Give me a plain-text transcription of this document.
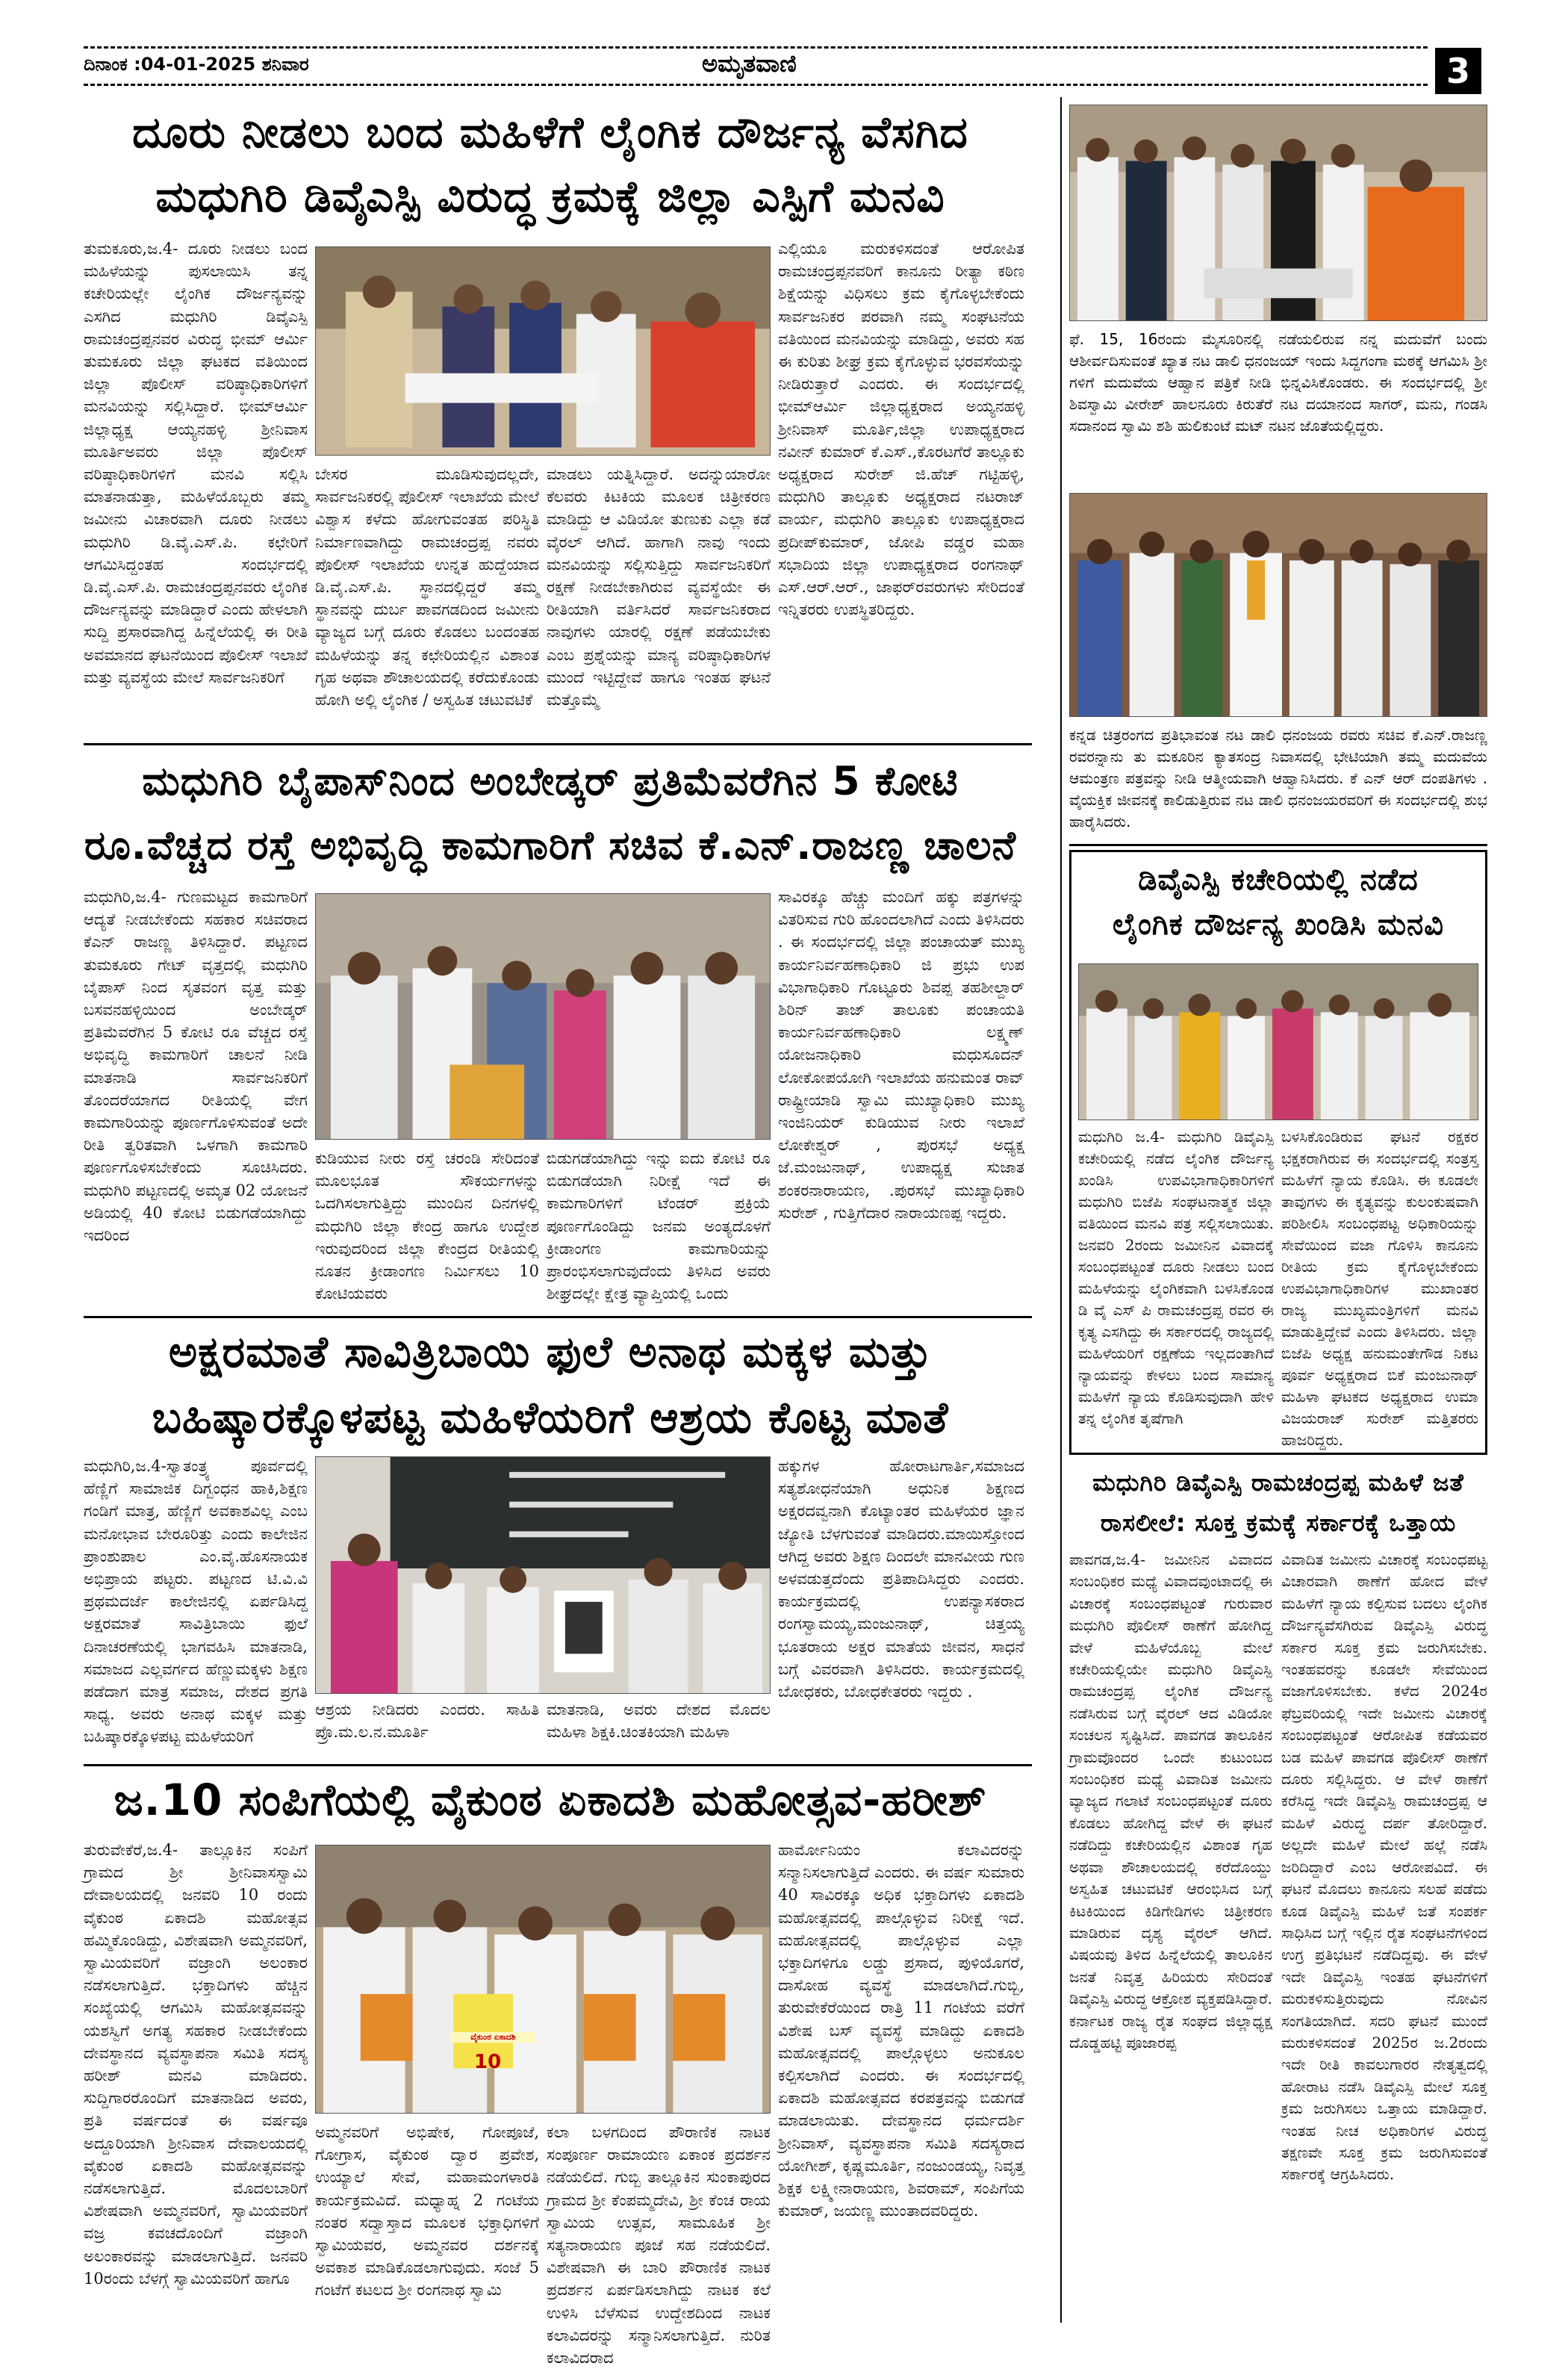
ದಿನಾಂಕ :04-01-2025 ಶನಿವಾರ	ಅಮೃತವಾಣಿ	3
ದೂರು ನೀಡಲು ಬಂದ ಮಹಿಳೆಗೆ ಲೈಂಗಿಕ ದೌರ್ಜನ್ಯ ವೆಸಗಿದ
ಮಧುಗಿರಿ ಡಿವೈಎಸ್ಪಿ ವಿರುದ್ಧ ಕ್ರಮಕ್ಕೆ ಜಿಲ್ಲಾ ಎಸ್ಪಿಗೆ ಮನವಿ
ತುಮಕೂರು,ಜ.4- ದೂರು ನೀಡಲು ಬಂದ ಮಹಿಳೆಯನ್ನು ಪುಸಲಾಯಿಸಿ ತನ್ನ ಕಚೇರಿಯಲ್ಲೇ ಲೈಂಗಿಕ ದೌರ್ಜನ್ಯವನ್ನು ಎಸಗಿದ ಮಧುಗಿರಿ ಡಿವೈಎಸ್ಪಿ ರಾಮಚಂದ್ರಪ್ಪನವರ ವಿರುದ್ಧ ಭೀಮ್ ಆರ್ಮಿ ತುಮಕೂರು ಜಿಲ್ಲಾ ಘಟಕದ ವತಿಯಿಂದ ಜಿಲ್ಲಾ ಪೊಲೀಸ್ ವರಿಷ್ಠಾಧಿಕಾರಿಗಳಿಗೆ ಮನವಿಯನ್ನು ಸಲ್ಲಿಸಿದ್ದಾರೆ. ಭೀಮ್‌ಆರ್ಮಿ ಜಿಲ್ಲಾಧ್ಯಕ್ಷ ಆಯ್ಯನಹಳ್ಳಿ ಶ್ರೀನಿವಾಸ ಮೂರ್ತಿಅವರು ಜಿಲ್ಲಾ ಪೊಲೀಸ್ ವರಿಷ್ಠಾಧಿಕಾರಿಗಳಿಗೆ ಮನವಿ ಸಲ್ಲಿಸಿ ಮಾತನಾಡುತ್ತಾ, ಮಹಿಳೆಯೊಬ್ಬರು ತಮ್ಮ ಜಮೀನು ವಿಚಾರವಾಗಿ ದೂರು ನೀಡಲು ಮಧುಗಿರಿ ಡಿ.ವೈ.ಎಸ್.ಪಿ. ಕಛೇರಿಗೆ ಆಗಮಿಸಿದ್ದಂತಹ ಸಂದರ್ಭದಲ್ಲಿ ಡಿ.ವೈ.ಎಸ್.ಪಿ. ರಾಮಚಂದ್ರಪ್ಪನವರು ಲೈಂಗಿಕ ದೌರ್ಜನ್ಯವನ್ನು ಮಾಡಿದ್ದಾರೆ ಎಂದು ಹೇಳಲಾಗಿ ಸುದ್ದಿ ಪ್ರಸಾರವಾಗಿದ್ದ ಹಿನ್ನೆಲೆಯಲ್ಲಿ ಈ ರೀತಿ ಅವಮಾನದ ಘಟನೆಯಿಂದ ಪೊಲೀಸ್ ಇಲಾಖೆ ಮತ್ತು ವ್ಯವಸ್ಥೆಯ ಮೇಲೆ ಸಾರ್ವಜನಿಕರಿಗೆ
ಬೇಸರ ಮೂಡಿಸುವುದಲ್ಲದೇ, ಸಾರ್ವಜನಿಕರಲ್ಲಿ ಪೊಲೀಸ್ ಇಲಾಖೆಯ ಮೇಲೆ ವಿಶ್ವಾಸ ಕಳೆದು ಹೋಗುವಂತಹ ಪರಿಸ್ಥಿತಿ ನಿರ್ಮಾಣವಾಗಿದ್ದು ರಾಮಚಂದ್ರಪ್ಪ ನವರು ಪೊಲೀಸ್ ಇಲಾಖೆಯ ಉನ್ನತ ಹುದ್ದೆಯಾದ ಡಿ.ವೈ.ಎಸ್.ಪಿ. ಸ್ಥಾನದಲ್ಲಿದ್ದರೆ ತಮ್ಮ ಸ್ಥಾನವನ್ನು ದುರ್ಬ ಪಾವಗಡದಿಂದ ಜಮೀನು ವ್ಯಾಜ್ಯದ ಬಗ್ಗೆ ದೂರು ಕೊಡಲು ಬಂದಂತಹ ಮಹಿಳೆಯನ್ನು ತನ್ನ ಕಛೇರಿಯಲ್ಲಿನ ವಿಶಾಂತ ಗೃಹ ಅಥವಾ ಶೌಚಾಲಯದಲ್ಲಿ ಕರೆದುಕೊಂಡು ಹೋಗಿ ಅಲ್ಲಿ ಲೈಂಗಿಕ / ಅಸ್ವಹಿತ ಚಟುವಟಿಕೆ
ಮಾಡಲು ಯತ್ನಿಸಿದ್ದಾರೆ. ಅದನ್ನುಯಾರೋ ಕೆಲವರು ಕಿಟಕಿಯ ಮೂಲಕ ಚಿತ್ರೀಕರಣ ಮಾಡಿದ್ದು ಆ ವಿಡಿಯೋ ತುಣುಕು ಎಲ್ಲಾ ಕಡೆ ವೈರಲ್ ಆಗಿದೆ. ಹಾಗಾಗಿ ನಾವು ಇಂದು ಮನವಿಯನ್ನು ಸಲ್ಲಿಸುತ್ತಿದ್ದು ಸಾರ್ವಜನಿಕರಿಗೆ ರಕ್ಷಣೆ ನೀಡಬೇಕಾಗಿರುವ ವ್ಯವಸ್ಥೆಯೇ ಈ ರೀತಿಯಾಗಿ ವರ್ತಿಸಿದರೆ ಸಾರ್ವಜನಿಕರಾದ ನಾವುಗಳು ಯಾರಲ್ಲಿ ರಕ್ಷಣೆ ಪಡೆಯಬೇಕು ಎಂಬ ಪ್ರಶ್ನೆಯನ್ನು ಮಾನ್ಯ ವರಿಷ್ಠಾಧಿಕಾರಿಗಳ ಮುಂದೆ ಇಟ್ಟಿದ್ದೇವೆ ಹಾಗೂ ಇಂತಹ ಘಟನೆ ಮತ್ತೊಮ್ಮೆ
ಎಲ್ಲಿಯೂ ಮರುಕಳಿಸದಂತೆ ಆರೋಪಿತ ರಾಮಚಂದ್ರಪ್ಪನವರಿಗೆ ಕಾನೂನು ರೀತ್ಯಾ ಕಠಿಣ ಶಿಕ್ಷೆಯನ್ನು ವಿಧಿಸಲು ಕ್ರಮ ಕೈಗೊಳ್ಳಬೇಕೆಂದು ಸಾರ್ವಜನಿಕರ ಪರವಾಗಿ ನಮ್ಮ ಸಂಘಟನೆಯ ವತಿಯಿಂದ ಮನವಿಯನ್ನು ಮಾಡಿದ್ದು, ಅವರು ಸಹ ಈ ಕುರಿತು ಶೀಘ್ರ ಕ್ರಮ ಕೈಗೊಳ್ಳುವ ಭರವಸೆಯನ್ನು ನೀಡಿರುತ್ತಾರೆ ಎಂದರು. ಈ ಸಂದರ್ಭದಲ್ಲಿ ಭೀಮ್‌ಆರ್ಮಿ ಜಿಲ್ಲಾಧ್ಯಕ್ಷರಾದ ಅಯ್ಯನಹಳ್ಳಿ ಶ್ರೀನಿವಾಸ್ ಮೂರ್ತಿ,ಜಿಲ್ಲಾ ಉಪಾಧ್ಯಕ್ಷರಾದ ನವೀನ್ ಕುಮಾರ್ ಕೆ.ಎಸ್.,ಕೊರಟಗೆರೆ ತಾಲ್ಲೂಕು ಅಧ್ಯಕ್ಷರಾದ ಸುರೇಶ್ ಜಿ.ಹೆಚ್ ಗಟ್ಟಿಹಳ್ಳಿ, ಮಧುಗಿರಿ ತಾಲ್ಲೂಕು ಅಧ್ಯಕ್ಷರಾದ ನಟರಾಜ್ ವಾರ್ಯ, ಮಧುಗಿರಿ ತಾಲ್ಲೂಕು ಉಪಾಧ್ಯಕ್ಷರಾದ ಪ್ರದೀಪ್‌ಕುಮಾರ್, ಜೋಪಿ ವಡ್ಡರ ಮಹಾ ಸಭಾದಿಯ ಜಿಲ್ಲಾ ಉಪಾಧ್ಯಕ್ಷರಾದ ರಂಗನಾಥ್ ಎಸ್.ಆರ್.ಆರ್., ಜಾಫರ್‌ರವರುಗಳು ಸೇರಿದಂತೆ ಇನ್ನಿತರರು ಉಪಸ್ಥಿತರಿದ್ದರು.
ಮಧುಗಿರಿ ಬೈಪಾಸ್‌ನಿಂದ ಅಂಬೇಡ್ಕರ್ ಪ್ರತಿಮೆವರೆಗಿನ 5 ಕೋಟಿ
ರೂ.ವೆಚ್ಚದ ರಸ್ತೆ ಅಭಿವೃದ್ಧಿ ಕಾಮಗಾರಿಗೆ ಸಚಿವ ಕೆ.ಎನ್.ರಾಜಣ್ಣ ಚಾಲನೆ
ಮಧುಗಿರಿ,ಜ.4- ಗುಣಮಟ್ಟದ ಕಾಮಗಾರಿಗೆ ಆದ್ಯತೆ ನೀಡಬೇಕೆಂದು ಸಹಕಾರ ಸಚಿವರಾದ ಕೆಎನ್ ರಾಜಣ್ಣ ತಿಳಿಸಿದ್ದಾರೆ. ಪಟ್ಟಣದ ತುಮಕೂರು ಗೇಟ್ ವೃತ್ತದಲ್ಲಿ ಮಧುಗಿರಿ ಬೈಪಾಸ್ ನಿಂದ ಸೃತವಂಗ ವೃತ್ತ ಮತ್ತು ಬಸವನಹಳ್ಳಿಯಿಂದ ಅಂಬೇಡ್ಕರ್ ಪ್ರತಿಮೆವರೆಗಿನ 5 ಕೋಟಿ ರೂ ವೆಚ್ಚದ ರಸ್ತೆ ಅಭಿವೃದ್ಧಿ ಕಾಮಗಾರಿಗೆ ಚಾಲನೆ ನೀಡಿ ಮಾತನಾಡಿ ಸಾರ್ವಜನಿಕರಿಗೆ ತೊಂದರೆಯಾಗದ ರೀತಿಯಲ್ಲಿ ವೇಗ ಕಾಮಗಾರಿಯನ್ನು ಪೂರ್ಣಗೊಳಿಸುವಂತೆ ಅದೇ ರೀತಿ ತ್ವರಿತವಾಗಿ ಒಳಗಾಗಿ ಕಾಮಗಾರಿ ಪೂರ್ಣಗೊಳಿಸಬೇಕೆಂದು ಸೂಚಿಸಿದರು. ಮಧುಗಿರಿ ಪಟ್ಟಣದಲ್ಲಿ ಅಮೃತ 02 ಯೋಜನೆ ಅಡಿಯಲ್ಲಿ 40 ಕೋಟಿ ಬಿಡುಗಡೆಯಾಗಿದ್ದು ಇದರಿಂದ
ಕುಡಿಯುವ ನೀರು ರಸ್ತೆ ಚರಂಡಿ ಸೇರಿದಂತೆ ಮೂಲಭೂತ ಸೌಕರ್ಯಗಳನ್ನು ಒದಗಿಸಲಾಗುತ್ತಿದ್ದು ಮುಂದಿನ ದಿನಗಳಲ್ಲಿ ಮಧುಗಿರಿ ಜಿಲ್ಲಾ ಕೇಂದ್ರ ಹಾಗೂ ಉದ್ದೇಶ ಇರುವುದರಿಂದ ಜಿಲ್ಲಾ ಕೇಂದ್ರದ ರೀತಿಯಲ್ಲಿ ನೂತನ ಕ್ರೀಡಾಂಗಣ ನಿರ್ಮಿಸಲು 10 ಕೋಟಿಯವರು
ಬಿಡುಗಡೆಯಾಗಿದ್ದು ಇನ್ನು ಐದು ಕೋಟಿ ರೂ ಬಿಡುಗಡೆಯಾಗಿ ನಿರೀಕ್ಷೆ ಇದೆ ಈ ಕಾಮಗಾರಿಗಳಿಗೆ ಟೆಂಡರ್ ಪ್ರಕ್ರಿಯೆ ಪೂರ್ಣಗೊಂಡಿದ್ದು ಜನಮ ಅಂತ್ಯದೊಳಗೆ ಕ್ರೀಡಾಂಗಣ ಕಾಮಗಾರಿಯನ್ನು ಪ್ರಾರಂಭಿಸಲಾಗುವುದೆಂದು ತಿಳಿಸಿದ ಅವರು ಶೀಘ್ರದಲ್ಲೇ ಕ್ಷೇತ್ರ ವ್ಯಾಪ್ತಿಯಲ್ಲಿ ಒಂದು
ಸಾವಿರಕ್ಕೂ ಹೆಚ್ಚು ಮಂದಿಗೆ ಹಕ್ಕು ಪತ್ರಗಳನ್ನು ವಿತರಿಸುವ ಗುರಿ ಹೊಂದಲಾಗಿದೆ ಎಂದು ತಿಳಿಸಿದರು . ಈ ಸಂದರ್ಭದಲ್ಲಿ ಜಿಲ್ಲಾ ಪಂಚಾಯತ್ ಮುಖ್ಯ ಕಾರ್ಯನಿರ್ವಹಣಾಧಿಕಾರಿ ಜಿ ಪ್ರಭು ಉಪ ವಿಭಾಗಾಧಿಕಾರಿ ಗೊಟ್ಟೂರು ಶಿವಪ್ಪ ತಹಶೀಲ್ದಾರ್ ಶಿರಿನ್ ತಾಜ್ ತಾಲೂಕು ಪಂಚಾಯತಿ ಕಾರ್ಯನಿರ್ವಹಣಾಧಿಕಾರಿ ಲಕ್ಷ್ಮಣ್ ಯೋಜನಾಧಿಕಾರಿ ಮಧುಸೂದನ್ ಲೋಕೋಪಯೋಗಿ ಇಲಾಖೆಯ ಹನುಮಂತ ರಾವ್ ರಾಷ್ಟ್ರೀಯಾಡಿ ಸ್ವಾಮಿ ಮುಖ್ಯಾಧಿಕಾರಿ ಮುಖ್ಯ ಇಂಜಿನಿಯರ್ ಕುಡಿಯುವ ನೀರು ಇಲಾಖೆ ಲೋಕೇಶ್ವರ್ , ಪುರಸಭೆ ಅಧ್ಯಕ್ಷ ಜೆ.ಮಂಜುನಾಥ್, ಉಪಾಧ್ಯಕ್ಷ ಸುಜಾತ ಶಂಕರನಾರಾಯಣ, .ಪುರಸಭೆ ಮುಖ್ಯಾಧಿಕಾರಿ ಸುರೇಶ್ , ಗುತ್ತಿಗೆದಾರ ನಾರಾಯಣಪ್ಪ ಇದ್ದರು.
ಅಕ್ಷರಮಾತೆ ಸಾವಿತ್ರಿಬಾಯಿ ಫುಲೆ ಅನಾಥ ಮಕ್ಕಳ ಮತ್ತು
ಬಹಿಷ್ಕಾರಕ್ಕೊಳಪಟ್ಟ ಮಹಿಳೆಯರಿಗೆ ಆಶ್ರಯ ಕೊಟ್ಟ ಮಾತೆ
ಮಧುಗಿರಿ,ಜ.4-ಸ್ವಾತಂತ್ರ್ಯ ಪೂರ್ವದಲ್ಲಿ ಹೆಣ್ಣಿಗೆ ಸಾಮಾಜಿಕ ದಿಗ್ಬಂಧನ ಹಾಕಿ,ಶಿಕ್ಷಣ ಗಂಡಿಗೆ ಮಾತ್ರ, ಹೆಣ್ಣಿಗೆ ಅವಕಾಶವಿಲ್ಲ ಎಂಬ ಮನೋಭಾವ ಬೇರೂರಿತ್ತು ಎಂದು ಕಾಲೇಜಿನ ಪ್ರಾಂಶುಪಾಲ ಎಂ.ವೈ.ಹೊಸನಾಯಕ ಅಭಿಪ್ರಾಯ ಪಟ್ಟರು. ಪಟ್ಟಣದ ಟಿ.ವಿ.ವಿ ಪ್ರಥಮದರ್ಜೆ ಕಾಲೇಜಿನಲ್ಲಿ ಏರ್ಪಡಿಸಿದ್ದ ಅಕ್ಷರಮಾತೆ ಸಾವಿತ್ರಿಬಾಯಿ ಫುಲೆ ದಿನಾಚರಣೆಯಲ್ಲಿ ಭಾಗವಹಿಸಿ ಮಾತನಾಡಿ, ಸಮಾಜದ ಎಲ್ಲವರ್ಗದ ಹೆಣ್ಣುಮಕ್ಕಳು ಶಿಕ್ಷಣ ಪಡೆದಾಗ ಮಾತ್ರ ಸಮಾಜ, ದೇಶದ ಪ್ರಗತಿ ಸಾಧ್ಯ. ಅವರು ಅನಾಥ ಮಕ್ಕಳ ಮತ್ತು ಬಹಿಷ್ಕಾರಕ್ಕೊಳಪಟ್ಟ ಮಹಿಳೆಯರಿಗೆ
ಆಶ್ರಯ ನೀಡಿದರು ಎಂದರು. ಸಾಹಿತಿ ಪ್ರೊ.ಮ.ಲ.ನ.ಮೂರ್ತಿ
ಮಾತನಾಡಿ, ಅವರು ದೇಶದ ಮೊದಲ ಮಹಿಳಾ ಶಿಕ್ಷಕಿ.ಚಿಂತಕಿಯಾಗಿ ಮಹಿಳಾ
ಹಕ್ಕುಗಳ ಹೋರಾಟಗಾರ್ತಿ,ಸಮಾಜದ ಸತ್ಯಶೋಧನೆಯಾಗಿ ಅಧುನಿಕ ಶಿಕ್ಷಣದ ಅಕ್ಷರದವ್ವನಾಗಿ ಕೊಟ್ಯಾಂತರ ಮಹಿಳೆಯರ ಜ್ಞಾನ ಜ್ಯೋತಿ ಬೆಳಗುವಂತೆ ಮಾಡಿದರು.ಮಾಯಿಸ್ತೋಂದ ಆಗಿದ್ದ ಅವರು ಶಿಕ್ಷಣ ದಿಂದಲೇ ಮಾನವೀಯ ಗುಣ ಅಳವಡುತ್ತದೆಂದು ಪ್ರತಿಪಾದಿಸಿದ್ದರು ಎಂದರು. ಕಾರ್ಯಕ್ರಮದಲ್ಲಿ ಉಪನ್ಯಾಸಕರಾದ ರಂಗಸ್ವಾಮಯ್ಯ,ಮಂಜುನಾಥ್, ಚಿತ್ತಯ್ಯ ಭೂತರಾಯ ಅಕ್ಷರ ಮಾತೆಯ ಜೀವನ, ಸಾಧನೆ ಬಗ್ಗೆ ವಿವರವಾಗಿ ತಿಳಿಸಿದರು. ಕಾರ್ಯಕ್ರಮದಲ್ಲಿ ಬೋಧಕರು, ಬೋಧಕೇತರರು ಇದ್ದರು .
ಜ.10 ಸಂಪಿಗೆಯಲ್ಲಿ ವೈಕುಂಠ ಏಕಾದಶಿ ಮಹೋತ್ಸವ-ಹರೀಶ್
ತುರುವೇಕೆರೆ,ಜ.4- ತಾಲ್ಲೂಕಿನ ಸಂಪಿಗೆ ಗ್ರಾಮದ ಶ್ರೀ ಶ್ರೀನಿವಾಸಸ್ವಾಮಿ ದೇವಾಲಯದಲ್ಲಿ ಜನವರಿ 10 ರಂದು ವೈಕುಂಠ ಏಕಾದಶಿ ಮಹೋತ್ಸವ ಹಮ್ಮಿಕೊಂಡಿದ್ದು, ವಿಶೇಷವಾಗಿ ಅಮ್ಮನವರಿಗೆ, ಸ್ವಾಮಿಯವರಿಗೆ ವಜ್ರಾಂಗಿ ಅಲಂಕಾರ ನಡೆಸಲಾಗುತ್ತಿದೆ. ಭಕ್ತಾದಿಗಳು ಹೆಚ್ಚಿನ ಸಂಖ್ಯೆಯಲ್ಲಿ ಆಗಮಿಸಿ ಮಹೋತ್ಸವವನ್ನು ಯಶಸ್ವಿಗೆ ಅಗತ್ಯ ಸಹಕಾರ ನೀಡಬೇಕೆಂದು ದೇವಸ್ಥಾನದ ವ್ಯವಸ್ಥಾಪನಾ ಸಮಿತಿ ಸದಸ್ಯ ಹರೀಶ್ ಮನವಿ ಮಾಡಿದರು. ಸುದ್ದಿಗಾರರೊಂದಿಗೆ ಮಾತನಾಡಿದ ಅವರು, ಪ್ರತಿ ವರ್ಷದಂತೆ ಈ ವರ್ಷವೂ ಅದ್ದೂರಿಯಾಗಿ ಶ್ರೀನಿವಾಸ ದೇವಾಲಯದಲ್ಲಿ ವೈಕುಂಠ ಏಕಾದಶಿ ಮಹೋತ್ಸವವನ್ನು ನಡೆಸಲಾಗುತ್ತಿದೆ. ಮೊದಲಬಾರಿಗೆ ವಿಶೇಷವಾಗಿ ಅಮ್ಮನವರಿಗೆ, ಸ್ವಾಮಿಯವರಿಗೆ ವಜ್ರ ಕವಚದೊಂದಿಗೆ ವಜ್ರಾಂಗಿ ಅಲಂಕಾರವನ್ನು ಮಾಡಲಾಗುತ್ತಿದೆ. ಜನವರಿ 10ರಂದು ಬೆಳಗ್ಗೆ ಸ್ವಾಮಿಯವರಿಗೆ ಹಾಗೂ
ವೈಕುಂಠ ಏಕಾದಶಿ
10
ಅಮ್ಮನವರಿಗೆ ಅಭಿಷೇಕ, ಗೋಪೂಜೆ, ಗೋಗ್ರಾಸ, ವೈಕುಂಠ ದ್ವಾರ ಪ್ರವೇಶ, ಉಯ್ಯಾಲೆ ಸೇವೆ, ಮಹಾಮಂಗಳಾರತಿ ಕಾರ್ಯಕ್ರಮವಿದೆ. ಮಧ್ಯಾಹ್ನ 2 ಗಂಟೆಯ ನಂತರ ಸದ್ವಾಸ್ತಾದ ಮೂಲಕ ಭಕ್ತಾಧಿಗಳಿಗೆ ಸ್ವಾಮಿಯವರ, ಅಮ್ಮನವರ ದರ್ಶನಕ್ಕೆ ಅವಕಾಶ ಮಾಡಿಕೊಡಲಾಗುವುದು. ಸಂಜೆ 5 ಗಂಟೆಗೆ ಕಟಲದ ಶ್ರೀ ರಂಗನಾಥ ಸ್ವಾಮಿ
ಕಲಾ ಬಳಗದಿಂದ ಪೌರಾಣಿಕ ನಾಟಕ ಸಂಪೂರ್ಣ ರಾಮಾಯಣ ಏಕಾಂಕ ಪ್ರದರ್ಶನ ನಡೆಯಲಿದೆ. ಗುಬ್ಬಿ ತಾಲ್ಲೂಕಿನ ಸುಂಕಾಪುರದ ಗ್ರಾಮದ ಶ್ರೀ ಕೆಂಪಮ್ಮದೇವಿ, ಶ್ರೀ ಕೆಂಚ ರಾಯ ಸ್ವಾಮಿಯ ಉತ್ಸವ, ಸಾಮೂಹಿಕ ಶ್ರೀ ಸತ್ಯನಾರಾಯಣ ಪೂಜೆ ಸಹ ನಡೆಯಲಿದೆ. ವಿಶೇಷವಾಗಿ ಈ ಬಾರಿ ಪೌರಾಣಿಕ ನಾಟಕ ಪ್ರದರ್ಶನ ಏರ್ಪಡಿಸಲಾಗಿದ್ದು ನಾಟಕ ಕಲೆ ಉಳಿಸಿ ಬೆಳೆಸುವ ಉದ್ದೇಶದಿಂದ ನಾಟಕ ಕಲಾವಿದರನ್ನು ಸನ್ಮಾನಿಸಲಾಗುತ್ತಿದೆ. ನುರಿತ ಕಲಾವಿದರಾದ
ಹಾರ್ಮೋನಿಯಂ ಕಲಾವಿದರನ್ನು ಸನ್ಮಾನಿಸಲಾಗುತ್ತಿದೆ ಎಂದರು. ಈ ವರ್ಷ ಸುಮಾರು 40 ಸಾವಿರಕ್ಕೂ ಅಧಿಕ ಭಕ್ತಾದಿಗಳು ಏಕಾದಶಿ ಮಹೋತ್ಸವದಲ್ಲಿ ಪಾಲ್ಗೊಳ್ಳುವ ನಿರೀಕ್ಷೆ ಇದೆ. ಮಹೋತ್ಸವದಲ್ಲಿ ಪಾಲ್ಗೊಳ್ಳುವ ಎಲ್ಲಾ ಭಕ್ತಾದಿಗಳಿಗೂ ಲಡ್ಡು ಪ್ರಸಾದ, ಪುಳಿಯೊಗರೆ, ದಾಸೋಹ ವ್ಯವಸ್ಥೆ ಮಾಡಲಾಗಿದೆ.ಗುಬ್ಬಿ, ತುರುವೇಕೆರೆಯಿಂದ ರಾತ್ರಿ 11 ಗಂಟೆಯ ವರೆಗೆ ವಿಶೇಷ ಬಸ್ ವ್ಯವಸ್ಥೆ ಮಾಡಿದ್ದು ಏಕಾದಶಿ ಮಹೋತ್ಸವದಲ್ಲಿ ಪಾಲ್ಗೊಳ್ಳಲು ಅನುಕೂಲ ಕಲ್ಪಿಸಲಾಗಿದೆ ಎಂದರು. ಈ ಸಂದರ್ಭದಲ್ಲಿ ಏಕಾದಶಿ ಮಹೋತ್ಸವದ ಕರಪತ್ರವನ್ನು ಬಿಡುಗಡೆ ಮಾಡಲಾಯಿತು. ದೇವಸ್ಥಾನದ ಧರ್ಮದರ್ಶಿ ಶ್ರೀನಿವಾಸ್, ವ್ಯವಸ್ಥಾಪನಾ ಸಮಿತಿ ಸದಸ್ಯರಾದ ಯೋಗೀಶ್, ಕೃಷ್ಣಮೂರ್ತಿ, ನಂಜುಂಡಯ್ಯ, ನಿವೃತ್ತ ಶಿಕ್ಷಕ ಲಕ್ಷ್ಮೀನಾರಾಯಣ, ಶಿವರಾಮ್, ಸಂಪಿಗೆಯ ಕುಮಾರ್, ಜಯಣ್ಣ ಮುಂತಾದವರಿದ್ದರು.
ಫೆ. 15, 16ರಂದು ಮೈಸೂರಿನಲ್ಲಿ ನಡೆಯಲಿರುವ ನನ್ನ ಮದುವೆಗೆ ಬಂದು ಆಶೀರ್ವದಿಸುವಂತೆ ಖ್ಯಾತ ನಟ ಡಾಲಿ ಧನಂಜಯ್ ಇಂದು ಸಿದ್ದಗಂಗಾ ಮಠಕ್ಕೆ ಆಗಮಿಸಿ ಶ್ರೀ ಗಳಿಗೆ ಮದುವೆಯ ಆಹ್ವಾನ ಪತ್ರಿಕೆ ನೀಡಿ ಭಿನ್ನವಿಸಿಕೊಂಡರು. ಈ ಸಂದರ್ಭದಲ್ಲಿ ಶ್ರೀ ಶಿವಸ್ವಾಮಿ ವೀರೇಶ್ ಹಾಲನೂರು ಕಿರುತೆರೆ ನಟ ದಯಾನಂದ ಸಾಗರ್, ಮನು, ಗಂಡಸಿ ಸದಾನಂದ ಸ್ವಾಮಿ ಶಶಿ ಹುಲಿಕುಂಟೆ ಮಟ್ ನಟನ ಜೊತೆಯಲ್ಲಿದ್ದರು.
ಕನ್ನಡ ಚಿತ್ರರಂಗದ ಪ್ರತಿಭಾವಂತ ನಟ ಡಾಲಿ ಧನಂಜಯ ರವರು ಸಚಿವ ಕೆ.ಎನ್.ರಾಜಣ್ಣ ರವರನ್ನಾನು ತು ಮಕೂರಿನ ಕ್ಯಾತಸಂದ್ರ ನಿವಾಸದಲ್ಲಿ ಭೇಟಿಯಾಗಿ ತಮ್ಮ ಮದುವೆಯ ಆಮಂತ್ರಣ ಪತ್ರವನ್ನು ನೀಡಿ ಆತ್ಮೀಯವಾಗಿ ಆಹ್ವಾನಿಸಿದರು. ಕೆ ಎನ್ ಆರ್ ದಂಪತಿಗಳು . ವೈಯಕ್ತಿಕ ಜೀವನಕ್ಕೆ ಕಾಲಿಡುತ್ತಿರುವ ನಟ ಡಾಲಿ ಧನಂಜಯರವರಿಗೆ ಈ ಸಂದರ್ಭದಲ್ಲಿ ಶುಭ ಹಾರೈಸಿದರು.
ಡಿವೈಎಸ್ಪಿ ಕಚೇರಿಯಲ್ಲಿ ನಡೆದ
ಲೈಂಗಿಕ ದೌರ್ಜನ್ಯ ಖಂಡಿಸಿ ಮನವಿ
ಮಧುಗಿರಿ ಜ.4- ಮಧುಗಿರಿ ಡಿವೈಎಸ್ಪಿ ಕಚೇರಿಯಲ್ಲಿ ನಡೆದ ಲೈಂಗಿಕ ದೌರ್ಜನ್ಯ ಖಂಡಿಸಿ ಉಪವಿಭಾಗಾಧಿಕಾರಿಗಳಿಗೆ ಮಧುಗಿರಿ ಬಿಜೆಪಿ ಸಂಘಟನಾತ್ಮಕ ಜಿಲ್ಲಾ ವತಿಯಿಂದ ಮನವಿ ಪತ್ರ ಸಲ್ಲಿಸಲಾಯಿತು. ಜನವರಿ 2ರಂದು ಜಮೀನಿನ ವಿವಾದಕ್ಕೆ ಸಂಬಂಧಪಟ್ಟಂತೆ ದೂರು ನೀಡಲು ಬಂದ ಮಹಿಳೆಯನ್ನು ಲೈಂಗಿಕವಾಗಿ ಬಳಸಿಕೊಂಡ ಡಿ ವೈ ಎಸ್ ಪಿ ರಾಮಚಂದ್ರಪ್ಪ ರವರ ಈ ಕೃತ್ಯ ಎಸಗಿದ್ದು ಈ ಸರ್ಕಾರದಲ್ಲಿ ರಾಜ್ಯದಲ್ಲಿ ಮಹಿಳೆಯರಿಗೆ ರಕ್ಷಣೆಯ ಇಲ್ಲದಂತಾಗಿದೆ ನ್ಯಾಯವನ್ನು ಕೇಳಲು ಬಂದ ಸಾಮಾನ್ಯ ಮಹಿಳೆಗೆ ನ್ಯಾಯ ಕೊಡಿಸುವುದಾಗಿ ಹೇಳಿ ತನ್ನ ಲೈಂಗಿಕ ತೃಷೆಗಾಗಿ
ಬಳಸಿಕೊಂಡಿರುವ ಘಟನೆ ರಕ್ಷಕರ ಭಕ್ಷಕರಾಗಿರುವ ಈ ಸಂದರ್ಭದಲ್ಲಿ ಸಂತ್ರಸ್ತ ಮಹಿಳೆಗೆ ನ್ಯಾಯ ಕೊಡಿಸಿ. ಈ ಕೂಡಲೇ ತಾವುಗಳು ಈ ಕೃತ್ಯವನ್ನು ಕುಲಂಕುಷವಾಗಿ ಪರಿಶೀಲಿಸಿ ಸಂಬಂಧಪಟ್ಟ ಅಧಿಕಾರಿಯನ್ನು ಸೇವೆಯಿಂದ ವಜಾ ಗೊಳಿಸಿ ಕಾನೂನು ರೀತಿಯ ಕ್ರಮ ಕೈಗೊಳ್ಳಬೇಕೆಂದು ಉಪವಿಭಾಗಾಧಿಕಾರಿಗಳ ಮುಖಾಂತರ ರಾಜ್ಯ ಮುಖ್ಯಮಂತ್ರಿಗಳಿಗೆ ಮನವಿ ಮಾಡುತ್ತಿದ್ದೇವೆ ಎಂದು ತಿಳಿಸಿದರು. ಜಿಲ್ಲಾ ಬಿಜೆಪಿ ಅಧ್ಯಕ್ಷ ಹನುಮಂತೇಗೌಡ ನಿಕಟ ಪೂರ್ವ ಅಧ್ಯಕ್ಷರಾದ ಬಿಕೆ ಮಂಜುನಾಥ್ ಮಹಿಳಾ ಘಟಕದ ಅಧ್ಯಕ್ಷರಾದ ಉಮಾ ವಿಜಯರಾಜ್ ಸುರೇಶ್ ಮತ್ತಿತರರು ಹಾಜರಿದ್ದರು.
ಮಧುಗಿರಿ ಡಿವೈಎಸ್ಪಿ ರಾಮಚಂದ್ರಪ್ಪ ಮಹಿಳೆ ಜತೆ
ರಾಸಲೀಲೆ: ಸೂಕ್ತ ಕ್ರಮಕ್ಕೆ ಸರ್ಕಾರಕ್ಕೆ ಒತ್ತಾಯ
ಪಾವಗಡ,ಜ.4- ಜಮೀನಿನ ವಿವಾದದ ಸಂಬಂಧಿಕರ ಮಧ್ಯೆ ವಿವಾದವುಂಟಾದಲ್ಲಿ ಈ ವಿಚಾರಕ್ಕೆ ಸಂಬಂಧಪಟ್ಟಂತೆ ಗುರುವಾರ ಮಧುಗಿರಿ ಪೊಲೀಸ್ ಠಾಣೆಗೆ ಹೋಗಿದ್ದ ವೇಳೆ ಮಹಿಳೆಯೊಬ್ಬ ಮೇಲೆ ಕಚೇರಿಯಲ್ಲಿಯೇ ಮಧುಗಿರಿ ಡಿವೈಎಸ್ಪಿ ರಾಮಚಂದ್ರಪ್ಪ ಲೈಂಗಿಕ ದೌರ್ಜನ್ಯ ನಡೆಸಿರುವ ಬಗ್ಗೆ ವೈರಲ್ ಆದ ವಿಡಿಯೋ ಸಂಚಲನ ಸೃಷ್ಟಿಸಿದೆ. ಪಾವಗಡ ತಾಲೂಕಿನ ಗ್ರಾಮವೊಂದರ ಒಂದೇ ಕುಟುಂಬದ ಸಂಬಂಧಿಕರ ಮಧ್ಯೆ ವಿವಾದಿತ ಜಮೀನು ವ್ಯಾಜ್ಯದ ಗಲಾಟೆ ಸಂಬಂಧಪಟ್ಟಂತೆ ದೂರು ಕೊಡಲು ಹೋಗಿದ್ದ ವೇಳೆ ಈ ಘಟನೆ ನಡೆದಿದ್ದು ಕಚೇರಿಯಲ್ಲಿನ ವಿಶಾಂತ ಗೃಹ ಅಥವಾ ಶೌಚಾಲಯದಲ್ಲಿ ಕರೆದೊಯ್ದು ಅಸ್ವಹಿತ ಚಟುವಟಿಕೆ ಆರಂಭಿಸಿದ ಬಗ್ಗೆ ಕಿಟಕಿಯಿಂದ ಕಿಡಿಗೇಡಿಗಳು ಚಿತ್ರೀಕರಣ ಮಾಡಿರುವ ದೃಶ್ಯ ವೈರಲ್ ಆಗಿದೆ. ವಿಷಯವು ತಿಳಿದ ಹಿನ್ನೆಲೆಯಲ್ಲಿ ತಾಲೂಕಿನ ಜನತೆ ನಿವೃತ್ತ ಹಿರಿಯರು ಸೇರಿದಂತೆ ಡಿವೈಎಸ್ಪಿ ವಿರುದ್ಧ ಆಕ್ರೋಶ ವ್ಯಕ್ತಪಡಿಸಿದ್ದಾರೆ. ಕರ್ನಾಟಕ ರಾಜ್ಯ ರೈತ ಸಂಘದ ಜಿಲ್ಲಾಧ್ಯಕ್ಷ ದೊಡ್ಡಹಟ್ಟಿ ಪೂಜಾರಪ್ಪ
ವಿವಾದಿತ ಜಮೀನು ವಿಚಾರಕ್ಕೆ ಸಂಬಂಧಪಟ್ಟ ವಿಚಾರವಾಗಿ ಠಾಣೆಗೆ ಹೋದ ವೇಳೆ ಮಹಿಳೆಗೆ ನ್ಯಾಯ ಕಲ್ಪಿಸುವ ಬದಲು ಲೈಂಗಿಕ ದೌರ್ಜನ್ಯವೆಸಗಿರುವ ಡಿವೈಎಸ್ಪಿ ವಿರುದ್ಧ ಸರ್ಕಾರ ಸೂಕ್ತ ಕ್ರಮ ಜರುಗಿಸಬೇಕು. ಇಂತಹವರನ್ನು ಕೂಡಲೇ ಸೇವೆಯಿಂದ ವಜಾಗೊಳಿಸಬೇಕು. ಕಳೆದ 2024ರ ಫೆಬ್ರವರಿಯಲ್ಲಿ ಇದೇ ಜಮೀನು ವಿಚಾರಕ್ಕೆ ಸಂಬಂಧಪಟ್ಟಂತೆ ಆರೋಪಿತ ಕಡೆಯವರ ಬಡ ಮಹಿಳೆ ಪಾವಗಡ ಪೊಲೀಸ್ ಠಾಣೆಗೆ ದೂರು ಸಲ್ಲಿಸಿದ್ದರು. ಆ ವೇಳೆ ಠಾಣೆಗೆ ಕರೆಸಿದ್ದ ಇದೇ ಡಿವೈಎಸ್ಪಿ ರಾಮಚಂದ್ರಪ್ಪ ಆ ಮಹಿಳೆ ವಿರುದ್ಧ ದರ್ಪ ತೋರಿದ್ದಾರೆ. ಅಲ್ಲದೇ ಮಹಿಳೆ ಮೇಲೆ ಹಲ್ಲೆ ನಡೆಸಿ ಜರಿದಿದ್ದಾರೆ ಎಂಬ ಆರೋಪವಿದೆ. ಈ ಘಟನೆ ಮೊದಲು ಕಾನೂನು ಸಲಹೆ ಪಡೆದು ಕೂಡ ಡಿವೈಎಸ್ಪಿ ಮಹಿಳೆ ಜತೆ ಸಂಪರ್ಕ ಸಾಧಿಸಿದ ಬಗ್ಗೆ ಇಲ್ಲಿನ ರೈತ ಸಂಘಟನೆಗಳಿಂದ ಉಗ್ರ ಪ್ರತಿಭಟನೆ ನಡೆದಿದ್ದವು. ಈ ವೇಳೆ ಇದೇ ಡಿವೈಎಸ್ಪಿ ಇಂತಹ ಘಟನೆಗಳಿಗೆ ಮರುಕಳಿಸುತ್ತಿರುವುದು ನೋವಿನ ಸಂಗತಿಯಾಗಿದೆ. ಸದರಿ ಘಟನೆ ಮುಂದೆ ಮರುಕಳಿಸದಂತೆ 2025ರ ಜ.2ರಂದು ಇದೇ ರೀತಿ ಕಾವಲುಗಾರರ ನೇತೃತ್ವದಲ್ಲಿ ಹೋರಾಟ ನಡೆಸಿ ಡಿವೈಎಸ್ಪಿ ಮೇಲೆ ಸೂಕ್ತ ಕ್ರಮ ಜರುಗಿಸಲು ಒತ್ತಾಯ ಮಾಡಿದ್ದಾರೆ. ಇಂತಹ ನೀಚ ಅಧಿಕಾರಿಗಳ ವಿರುದ್ಧ ತಕ್ಷಣವೇ ಸೂಕ್ತ ಕ್ರಮ ಜರುಗಿಸುವಂತೆ ಸರ್ಕಾರಕ್ಕೆ ಆಗ್ರಹಿಸಿದರು.
